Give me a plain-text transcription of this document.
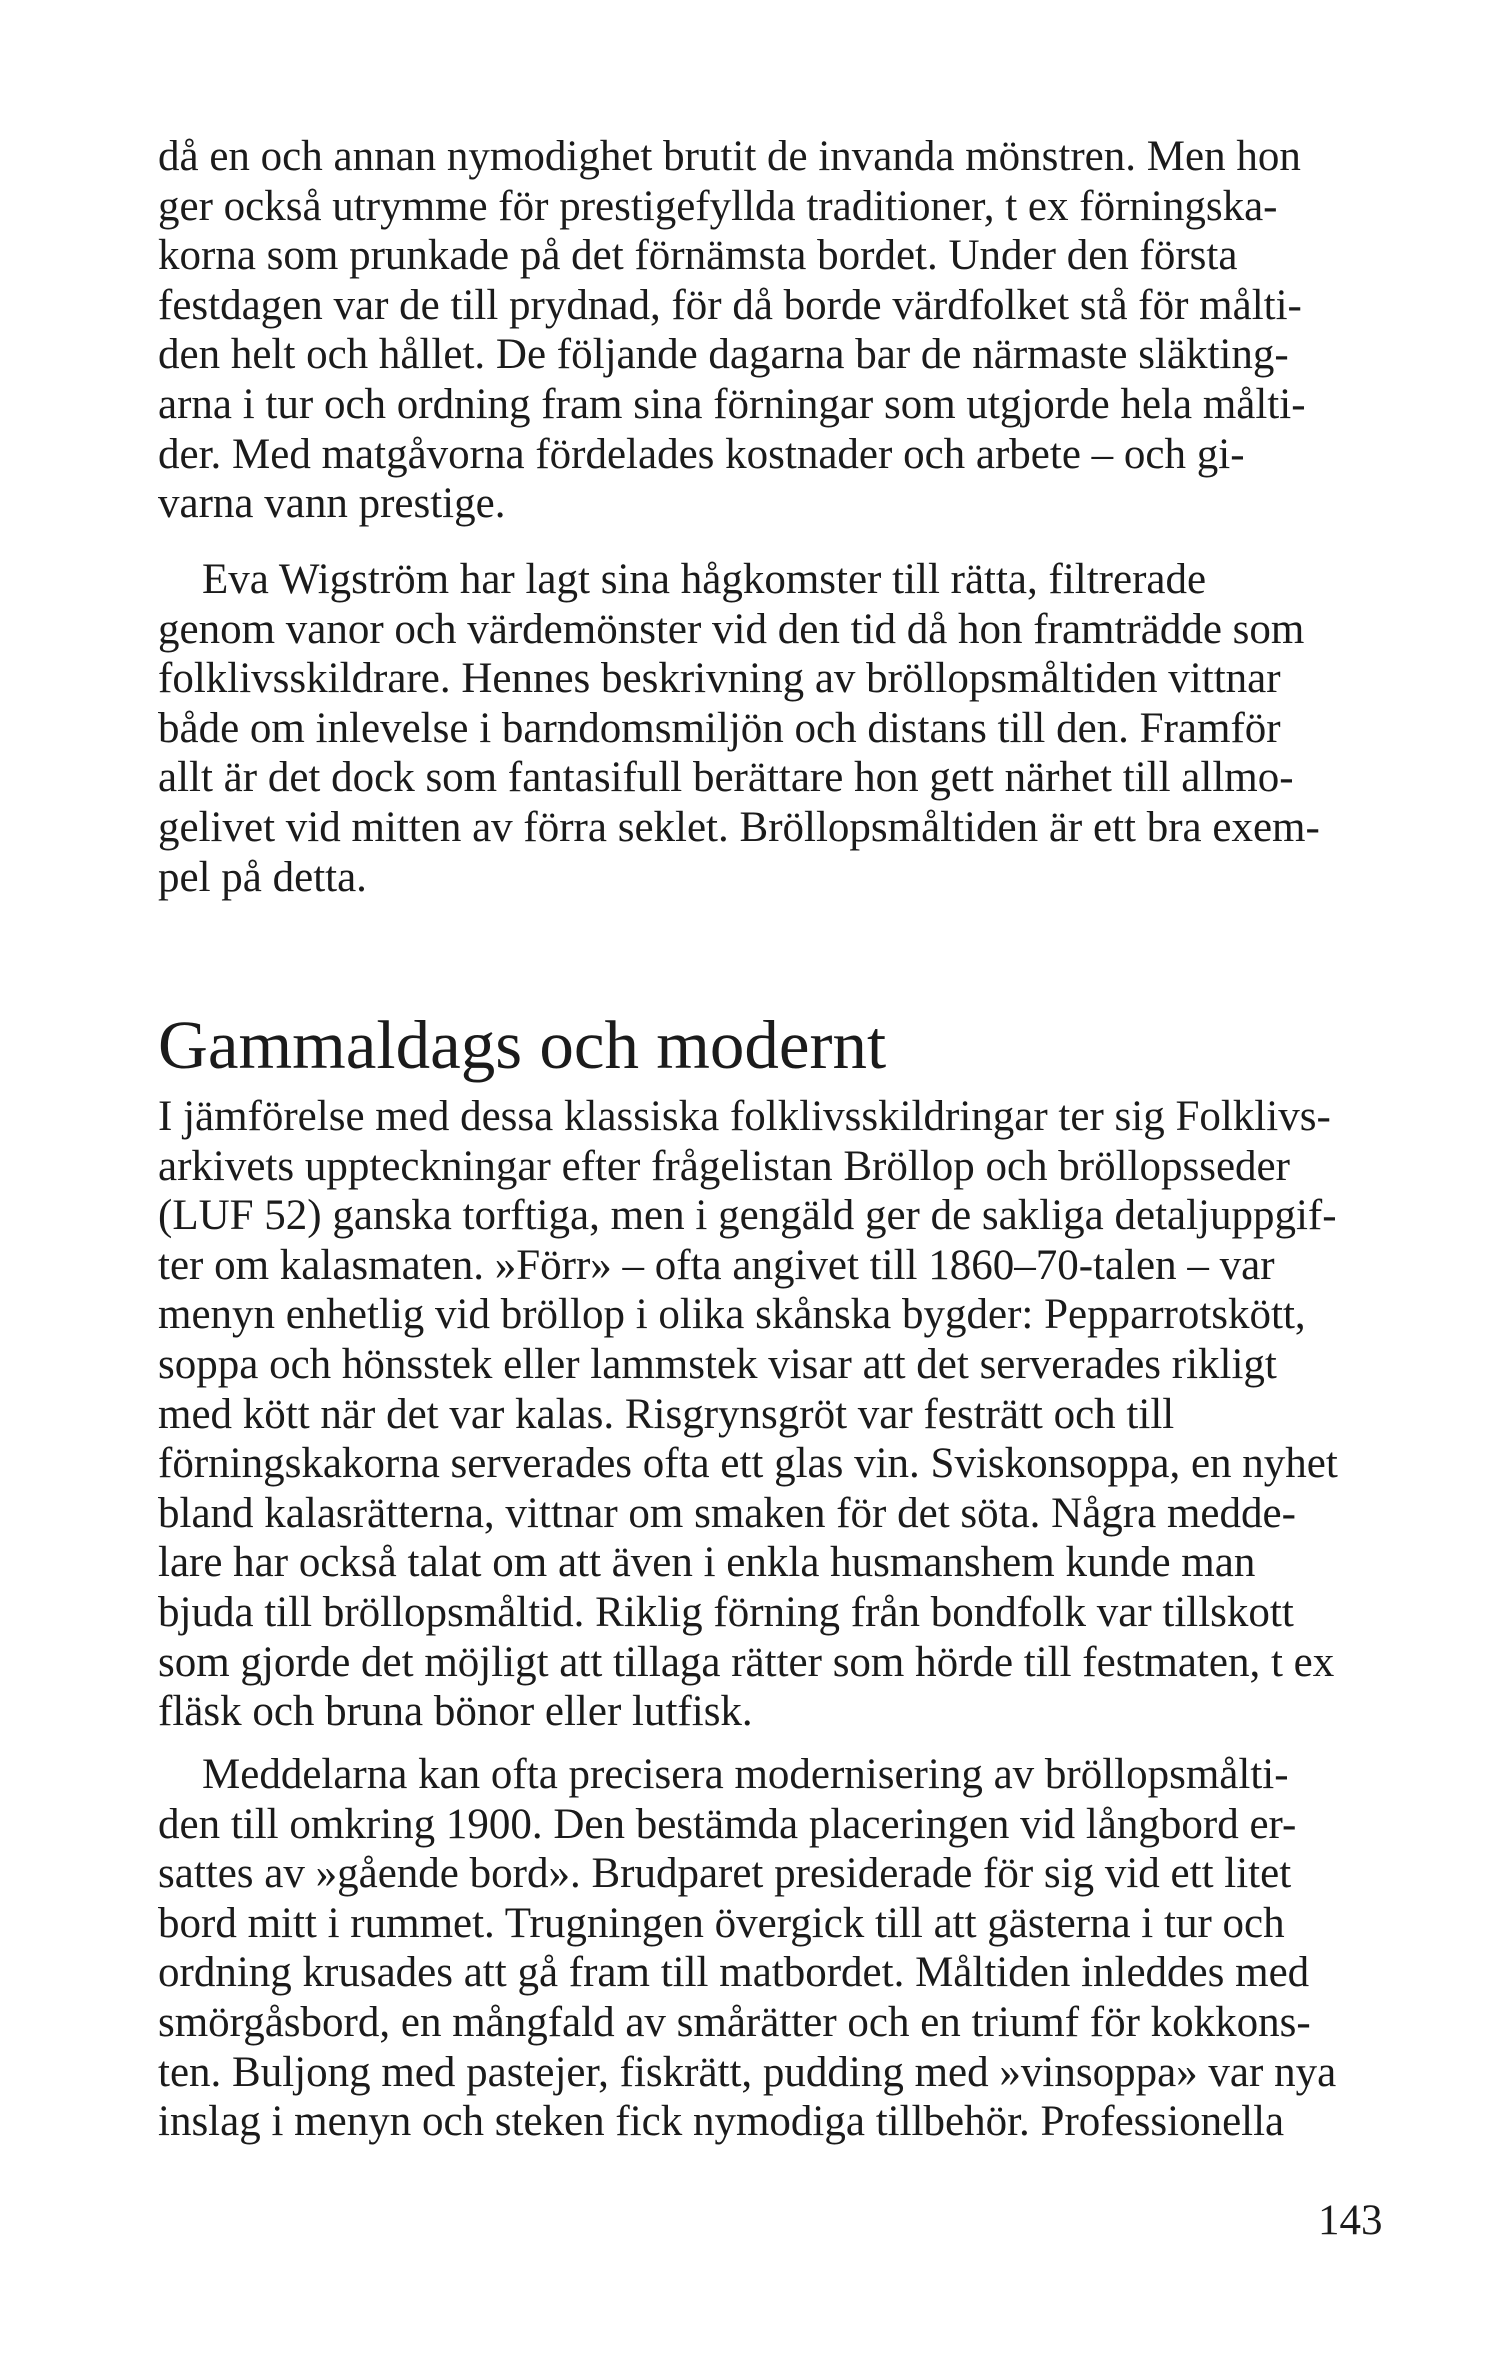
då en och annan nymodighet brutit de invanda mönstren. Men hon
ger också utrymme för prestigefyllda traditioner, t ex förningska-
korna som prunkade på det förnämsta bordet. Under den första
festdagen var de till prydnad, för då borde värdfolket stå för målti-
den helt och hållet. De följande dagarna bar de närmaste släkting-
arna i tur och ordning fram sina förningar som utgjorde hela målti-
der. Med matgåvorna fördelades kostnader och arbete – och gi-
varna vann prestige.

Eva Wigström har lagt sina hågkomster till rätta, filtrerade
genom vanor och värdemönster vid den tid då hon framträdde som
folklivsskildrare. Hennes beskrivning av bröllopsmåltiden vittnar
både om inlevelse i barndomsmiljön och distans till den. Framför
allt är det dock som fantasifull berättare hon gett närhet till allmo-
gelivet vid mitten av förra seklet. Bröllopsmåltiden är ett bra exem-
pel på detta.

Gammaldags och modernt

I jämförelse med dessa klassiska folklivsskildringar ter sig Folklivs-
arkivets uppteckningar efter frågelistan Bröllop och bröllopsseder
(LUF 52) ganska torftiga, men i gengäld ger de sakliga detaljuppgif-
ter om kalasmaten. »Förr» – ofta angivet till 1860–70-talen – var
menyn enhetlig vid bröllop i olika skånska bygder: Pepparrotskött,
soppa och hönsstek eller lammstek visar att det serverades rikligt
med kött när det var kalas. Risgrynsgröt var festrätt och till
förningskakorna serverades ofta ett glas vin. Sviskonsoppa, en nyhet
bland kalasrätterna, vittnar om smaken för det söta. Några medde-
lare har också talat om att även i enkla husmanshem kunde man
bjuda till bröllopsmåltid. Riklig förning från bondfolk var tillskott
som gjorde det möjligt att tillaga rätter som hörde till festmaten, t ex
fläsk och bruna bönor eller lutfisk.

Meddelarna kan ofta precisera modernisering av bröllopsmålti-
den till omkring 1900. Den bestämda placeringen vid långbord er-
sattes av »gående bord». Brudparet presiderade för sig vid ett litet
bord mitt i rummet. Trugningen övergick till att gästerna i tur och
ordning krusades att gå fram till matbordet. Måltiden inleddes med
smörgåsbord, en mångfald av smårätter och en triumf för kokkons-
ten. Buljong med pastejer, fiskrätt, pudding med »vinsoppa» var nya
inslag i menyn och steken fick nymodiga tillbehör. Professionella

143
